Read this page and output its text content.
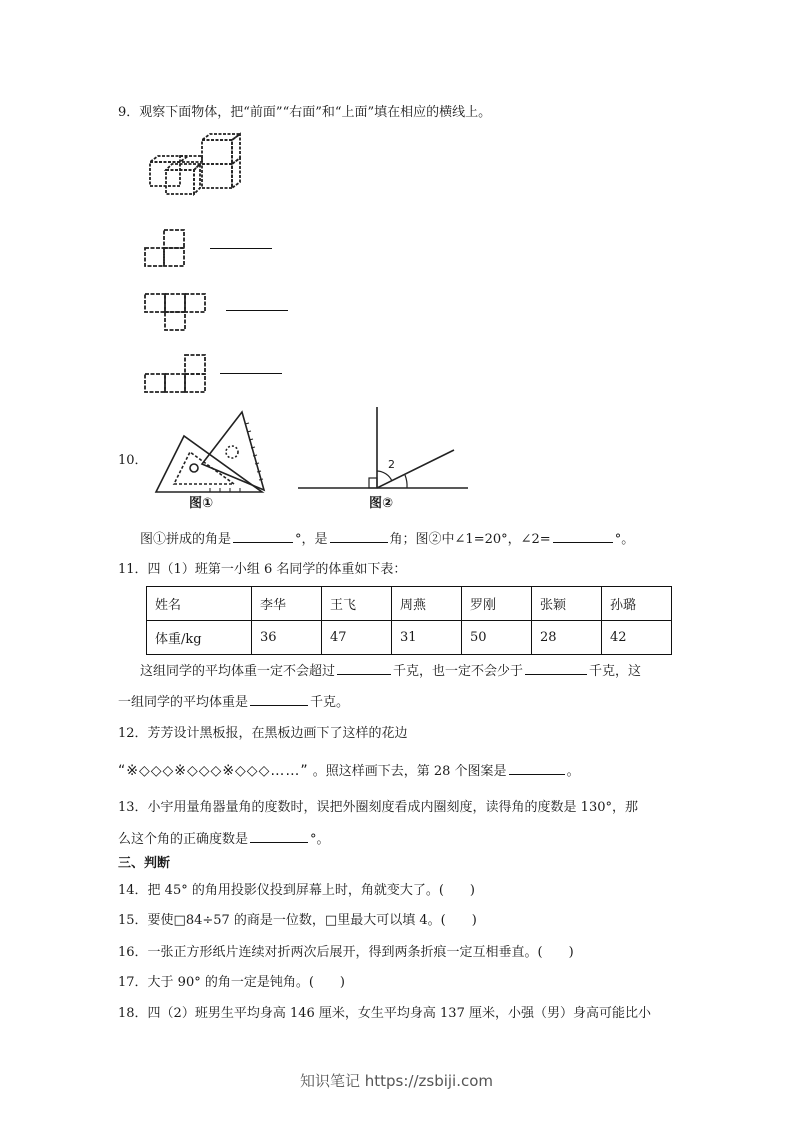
9．观察下面物体，把“前面”“右面”和“上面”填在相应的横线上。
10．
图①
2
图②
图①拼成的角是	°，是	角；图②中∠1=20°，∠2=	°。
11．四（1）班第一小组 6 名同学的体重如下表：
姓名	李华	王飞	周燕	罗刚	张颖	孙璐
体重/kg	36	47	31	50	28	42
这组同学的平均体重一定不会超过	千克，也一定不会少于	千克，这
一组同学的平均体重是	千克。
12．芳芳设计黑板报，在黑板边画下了这样的花边
“※◇◇◇※◇◇◇※◇◇◇……” 。照这样画下去，第 28 个图案是	。
13．小宇用量角器量角的度数时，误把外圈刻度看成内圈刻度，读得角的度数是 130°，那
么这个角的正确度数是	°。
三、判断
14．把 45° 的角用投影仪投到屏幕上时，角就变大了。(　　)
15．要使□84÷57 的商是一位数，□里最大可以填 4。(　　)
16．一张正方形纸片连续对折两次后展开，得到两条折痕一定互相垂直。(　　)
17．大于 90° 的角一定是钝角。(　　)
18．四（2）班男生平均身高 146 厘米，女生平均身高 137 厘米，小强（男）身高可能比小
知识笔记 https://zsbiji.com
